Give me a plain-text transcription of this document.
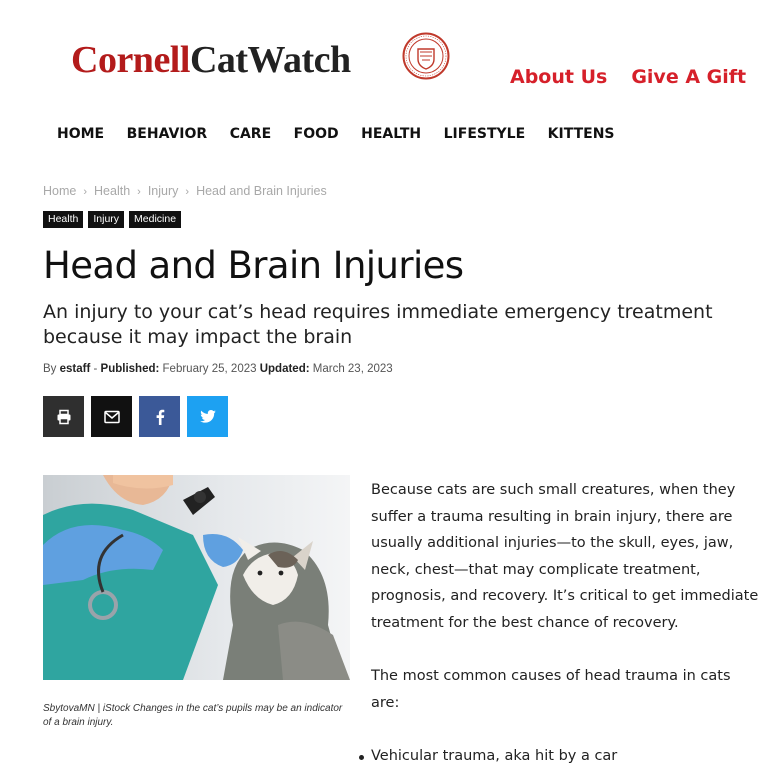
CornellCatWatch	About Us Give A Gift
HOME BEHAVIOR CARE FOOD HEALTH LIFESTYLE KITTENS
Home › Health › Injury › Head and Brain Injuries
Health	Injury	Medicine
Head and Brain Injuries
An injury to your cat’s head requires immediate emergency treatment because it may impact the brain
By estaff - Published: February 25, 2023 Updated: March 23, 2023
SbytovaMN | iStock Changes in the cat’s pupils may be an indicator of a brain injury.

Because cats are such small creatures, when they suffer a trauma resulting in brain injury, there are usually additional injuries—to the skull, eyes, jaw, neck, chest—that may complicate treatment, prognosis, and recovery. It’s critical to get immediate treatment for the best chance of recovery.

The most common causes of head trauma in cats are:

Vehicular trauma, aka hit by a car
